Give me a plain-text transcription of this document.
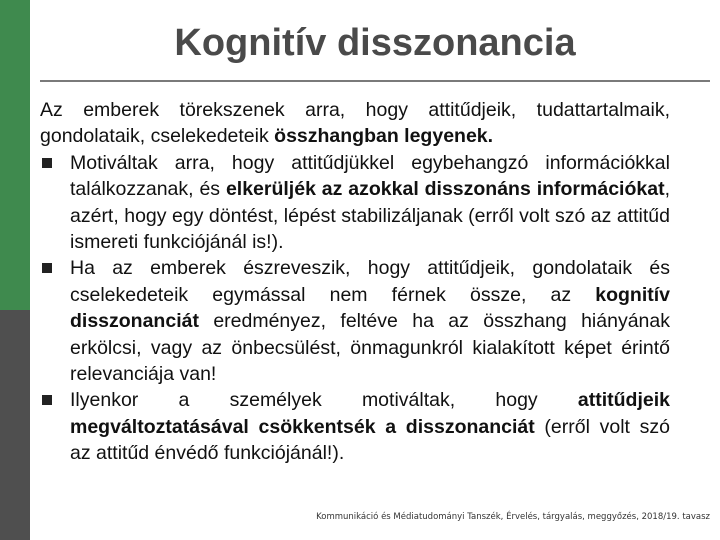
Kognitív disszonancia

Az emberek törekszenek arra, hogy attitűdjeik, tudattartalmaik, gondolataik, cselekedeteik összhangban legyenek.

Motiváltak arra, hogy attitűdjükkel egybehangzó információkkal találkozzanak, és elkerüljék az azokkal disszonáns információkat, azért, hogy egy döntést, lépést stabilizáljanak (erről volt szó az attitűd ismereti funkciójánál is!).
Ha az emberek észreveszik, hogy attitűdjeik, gondolataik és cselekedeteik egymással nem férnek össze, az kognitív disszonanciát eredményez, feltéve ha az összhang hiányának erkölcsi, vagy az önbecsülést, önmagunkról kialakított képet érintő relevanciája van!
Ilyenkor a személyek motiváltak, hogy attitűdjeik megváltoztatásával csökkentsék a disszonanciát (erről volt szó az attitűd énvédő funkciójánál!).
Kommunikáció és Médiatudományi Tanszék, Érvelés, tárgyalás, meggyőzés, 2018/19. tavasz
